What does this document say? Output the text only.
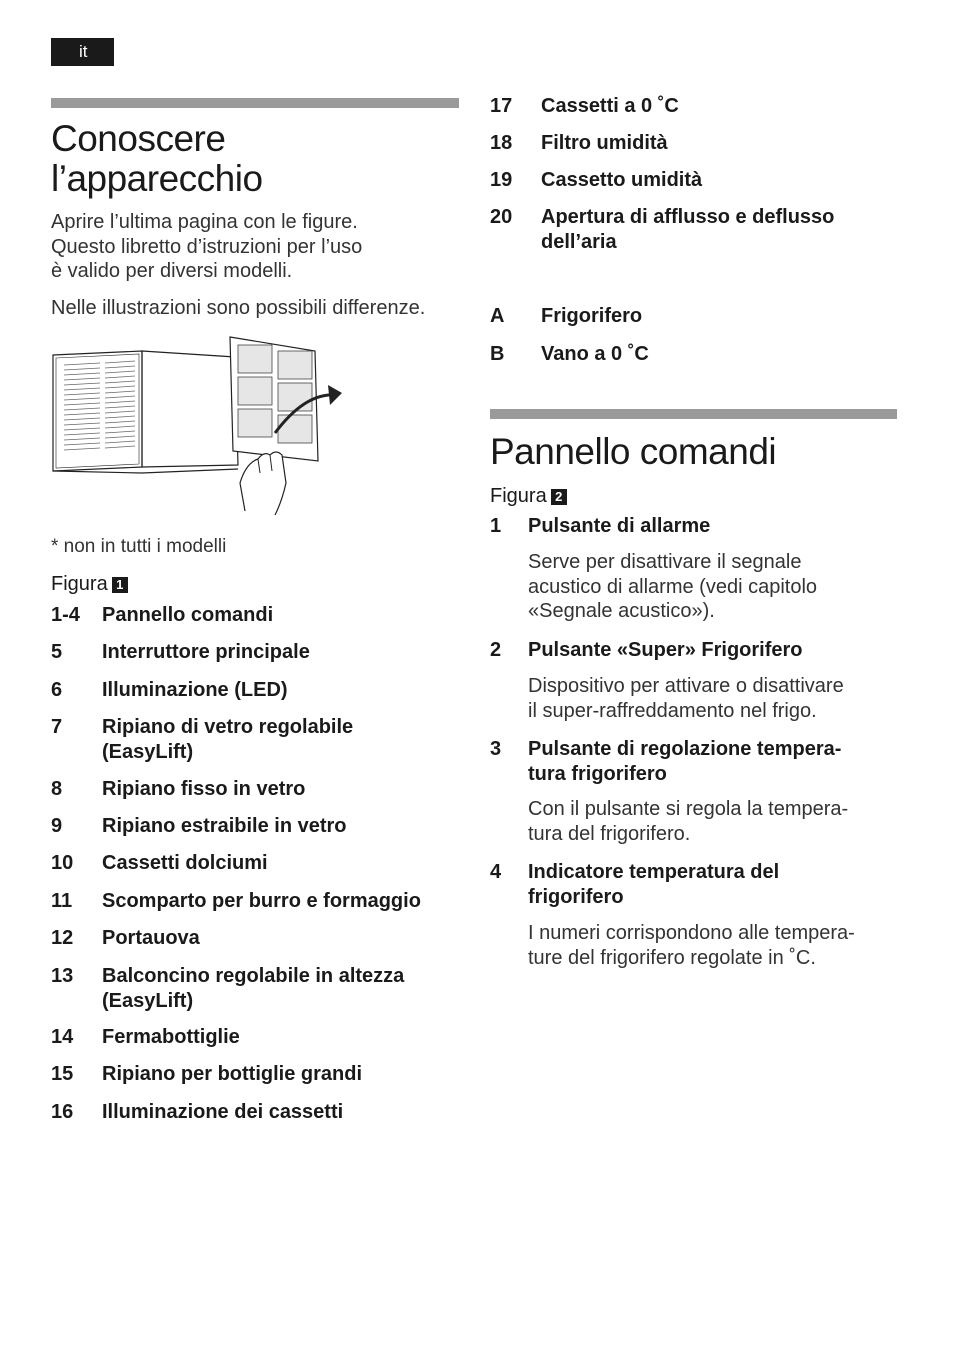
it
Conoscere
l’apparecchio

Aprire l’ultima pagina con le figure.
Questo libretto d’istruzioni per l’uso
è valido per diversi modelli.

Nelle illustrazioni sono possibili differenze.

* non in tutti i modelli
Figura 1
1-4 Pannello comandi
5 Interruttore principale
6 Illuminazione (LED)
7 Ripiano di vetro regolabile
(EasyLift)
8 Ripiano fisso in vetro
9 Ripiano estraibile in vetro
10 Cassetti dolciumi
11 Scomparto per burro e formaggio
12 Portauova
13 Balconcino regolabile in altezza
(EasyLift)
14 Fermabottiglie
15 Ripiano per bottiglie grandi
16 Illuminazione dei cassetti
17 Cassetti a 0 ˚C
18 Filtro umidità
19 Cassetto umidità
20 Apertura di afflusso e deflusso
dell’aria
A Frigorifero
B Vano a 0 ˚C
Pannello comandi
Figura 2
1 Pulsante di allarme
Serve per disattivare il segnale
acustico di allarme (vedi capitolo
«Segnale acustico»).
2 Pulsante «Super» Frigorifero
Dispositivo per attivare o disattivare
il super-raffreddamento nel frigo.
3 Pulsante di regolazione tempera-
tura frigorifero
Con il pulsante si regola la tempera-
tura del frigorifero.
4 Indicatore temperatura del
frigorifero
I numeri corrispondono alle tempera-
ture del frigorifero regolate in ˚C.
